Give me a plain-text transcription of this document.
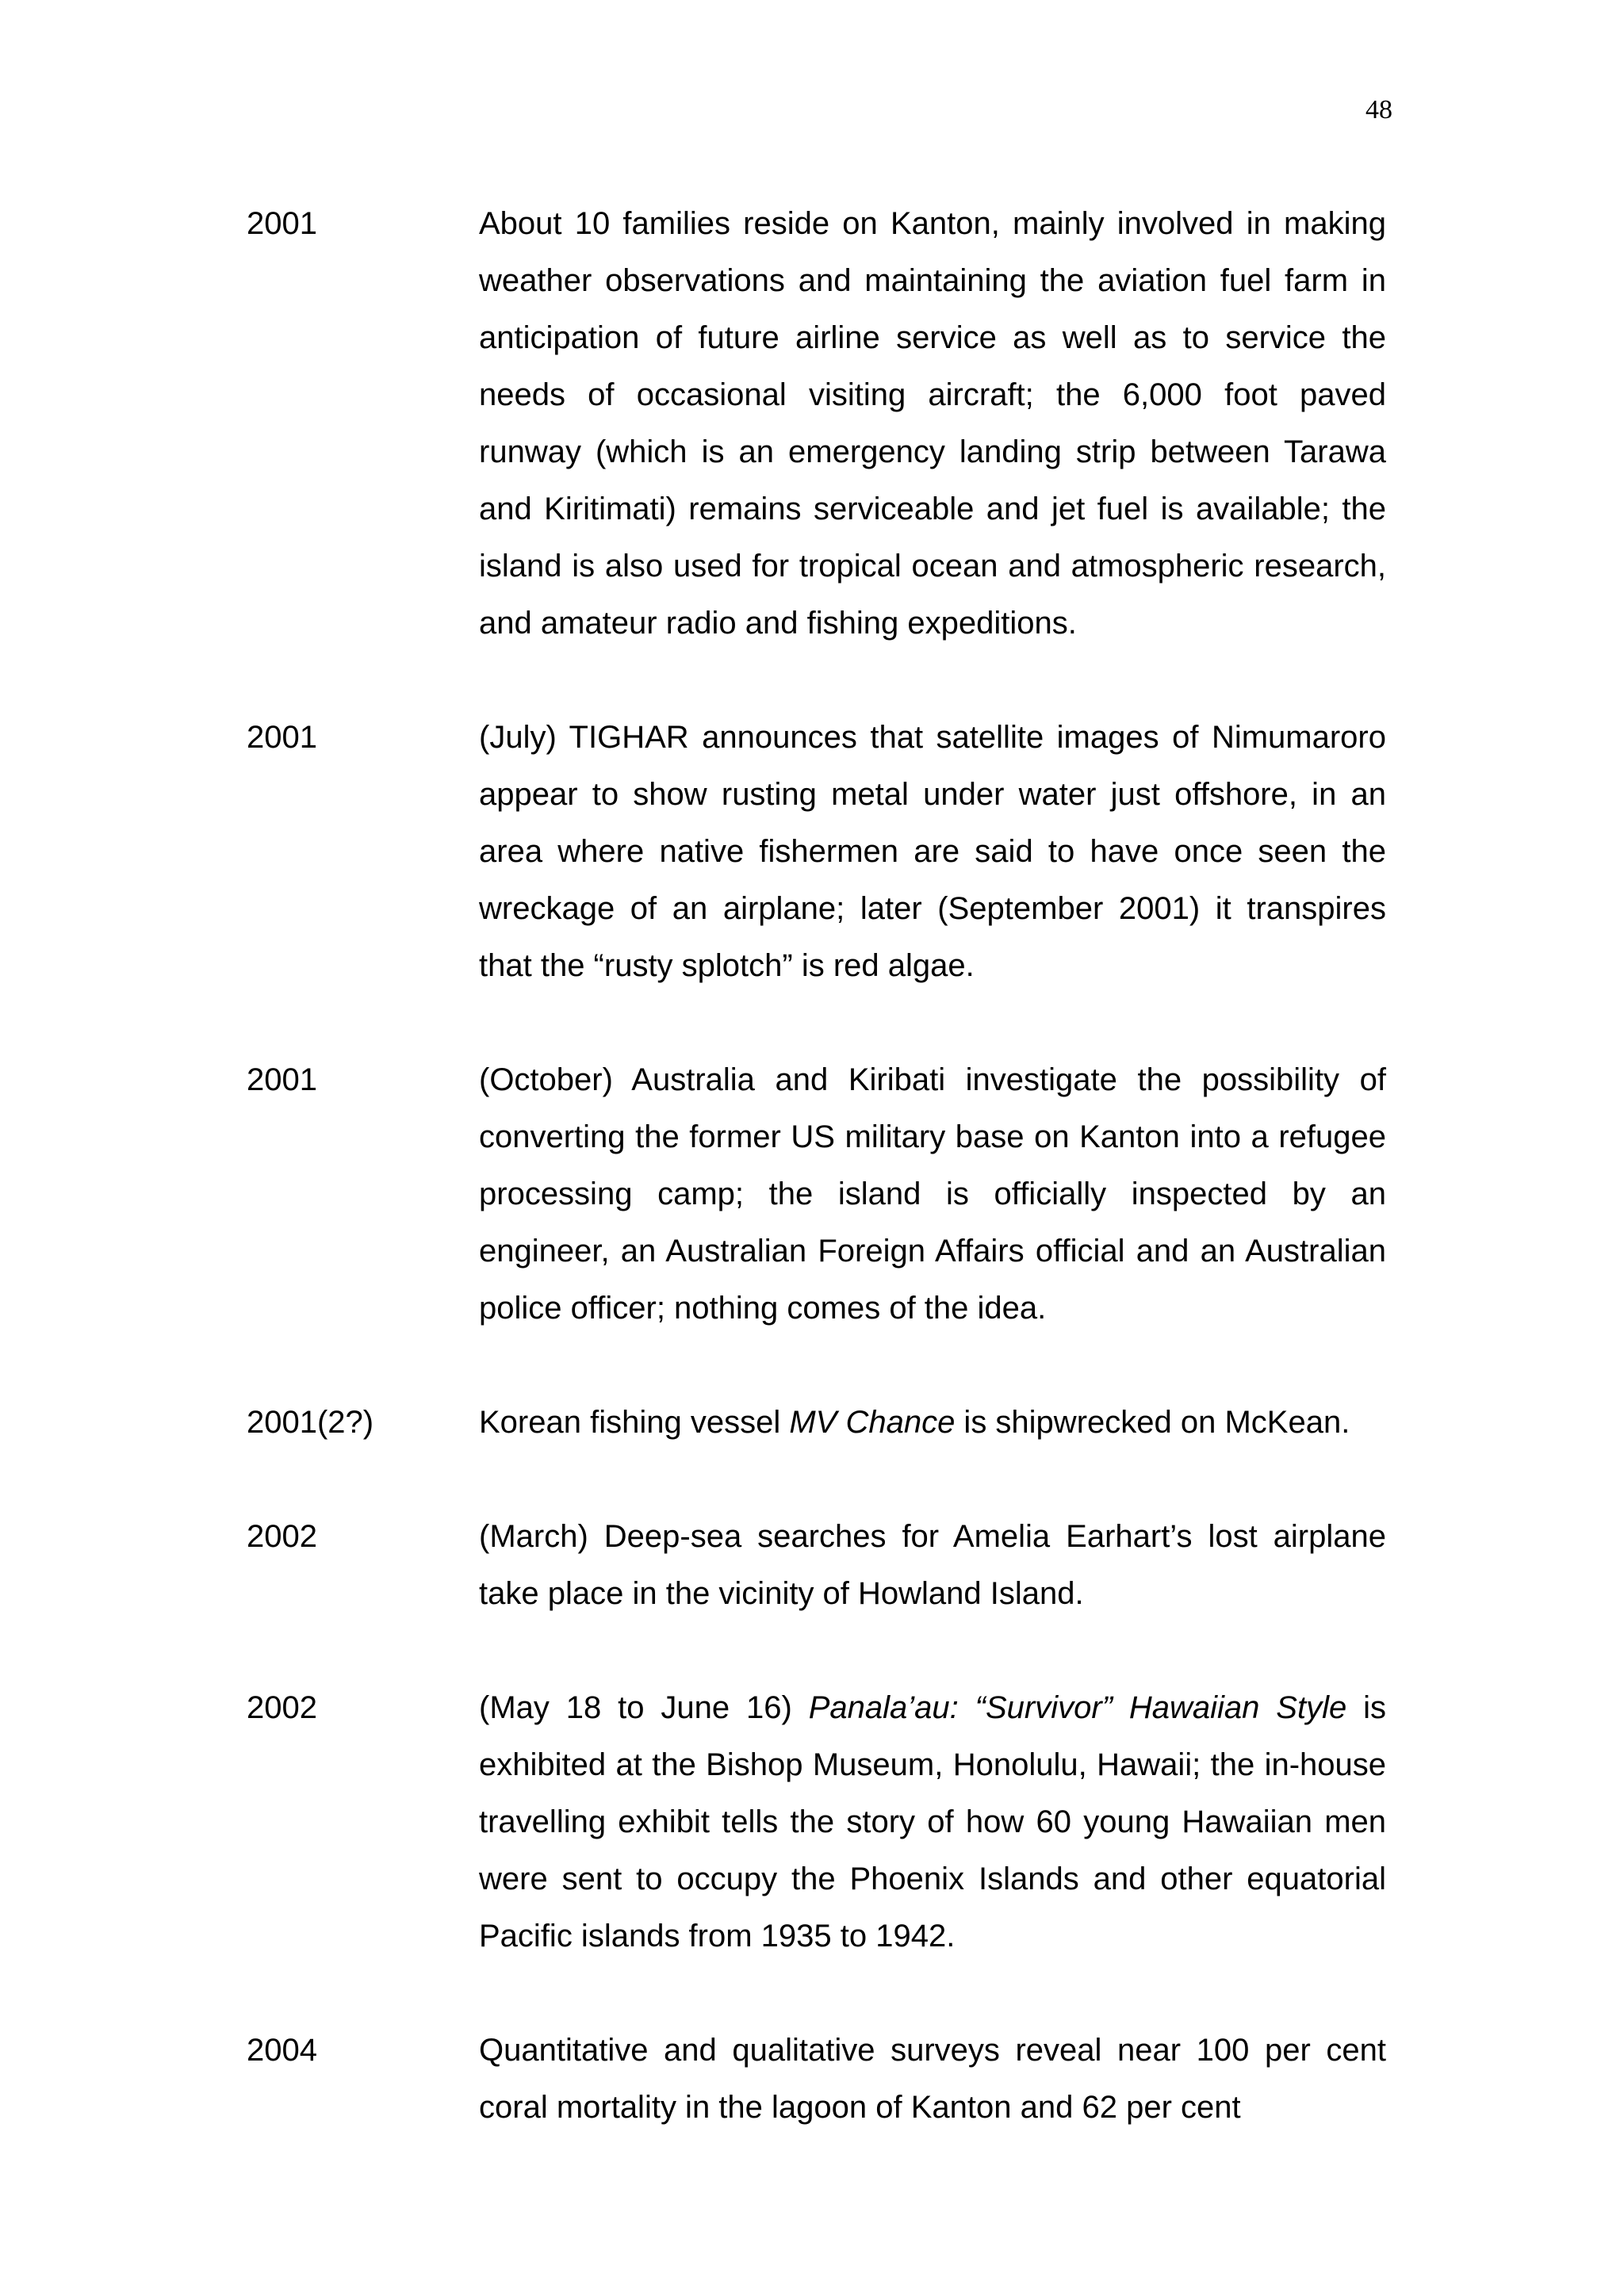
48
2001	About 10 families reside on Kanton, mainly involved in making weather observations and maintaining the aviation fuel farm in anticipation of future airline service as well as to service the needs of occasional visiting aircraft; the 6,000 foot paved runway (which is an emergency landing strip between Tarawa and Kiritimati) remains serviceable and jet fuel is available; the island is also used for tropical ocean and atmospheric research, and amateur radio and fishing expeditions.
2001	(July) TIGHAR announces that satellite images of Nimumaroro appear to show rusting metal under water just offshore, in an area where native fishermen are said to have once seen the wreckage of an airplane; later (September 2001) it transpires that the “rusty splotch” is red algae.
2001	(October) Australia and Kiribati investigate the possibility of converting the former US military base on Kanton into a refugee processing camp; the island is officially inspected by an engineer, an Australian Foreign Affairs official and an Australian police officer; nothing comes of the idea.
2001(2?)	Korean fishing vessel MV Chance is shipwrecked on McKean.
2002	(March) Deep-sea searches for Amelia Earhart’s lost airplane take place in the vicinity of Howland Island.
2002	(May 18 to June 16) Panala’au: “Survivor” Hawaiian Style is exhibited at the Bishop Museum, Honolulu, Hawaii; the in-house travelling exhibit tells the story of how 60 young Hawaiian men were sent to occupy the Phoenix Islands and other equatorial Pacific islands from 1935 to 1942.
2004	Quantitative and qualitative surveys reveal near 100 per cent coral mortality in the lagoon of Kanton and 62 per cent
